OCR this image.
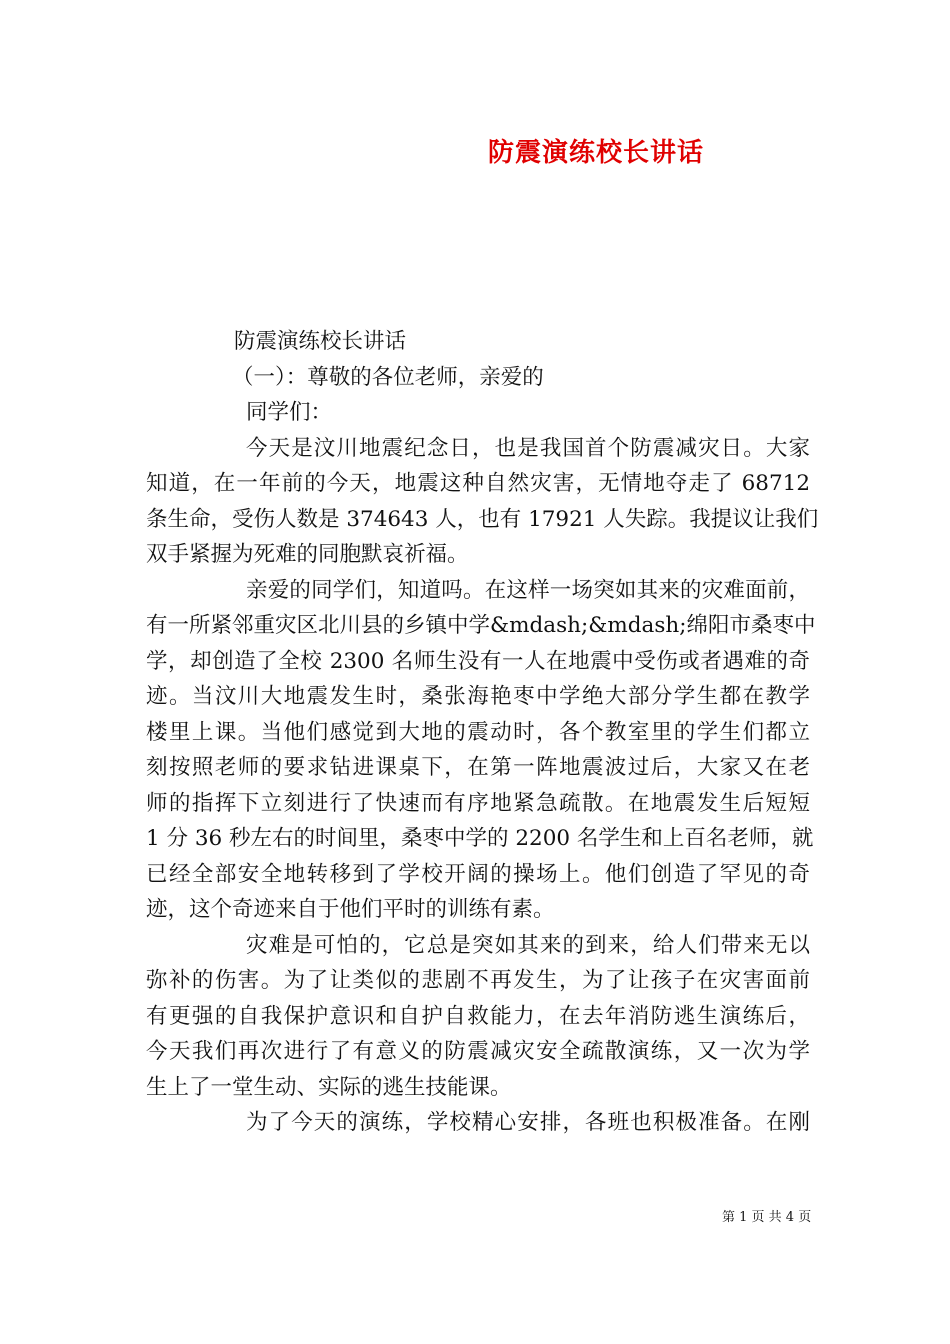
防震演练校长讲话

防震演练校长讲话

（一）：尊敬的各位老师，亲爱的

同学们：

今天是汶川地震纪念日，也是我国首个防震减灾日。大家

知道，在一年前的今天，地震这种自然灾害，无情地夺走了 68712

条生命，受伤人数是 374643 人，也有 17921 人失踪。我提议让我们

双手紧握为死难的同胞默哀祈福。

亲爱的同学们，知道吗。在这样一场突如其来的灾难面前，

有一所紧邻重灾区北川县的乡镇中学&mdash;&mdash;绵阳市桑枣中

学，却创造了全校 2300 名师生没有一人在地震中受伤或者遇难的奇

迹。当汶川大地震发生时，桑张海艳枣中学绝大部分学生都在教学

楼里上课。当他们感觉到大地的震动时，各个教室里的学生们都立

刻按照老师的要求钻进课桌下，在第一阵地震波过后，大家又在老

师的指挥下立刻进行了快速而有序地紧急疏散。在地震发生后短短

1 分 36 秒左右的时间里，桑枣中学的 2200 名学生和上百名老师，就

已经全部安全地转移到了学校开阔的操场上。他们创造了罕见的奇

迹，这个奇迹来自于他们平时的训练有素。

灾难是可怕的，它总是突如其来的到来，给人们带来无以

弥补的伤害。为了让类似的悲剧不再发生，为了让孩子在灾害面前

有更强的自我保护意识和自护自救能力，在去年消防逃生演练后，

今天我们再次进行了有意义的防震减灾安全疏散演练，又一次为学

生上了一堂生动、实际的逃生技能课。

为了今天的演练，学校精心安排，各班也积极准备。在刚

第 1 页 共 4 页
